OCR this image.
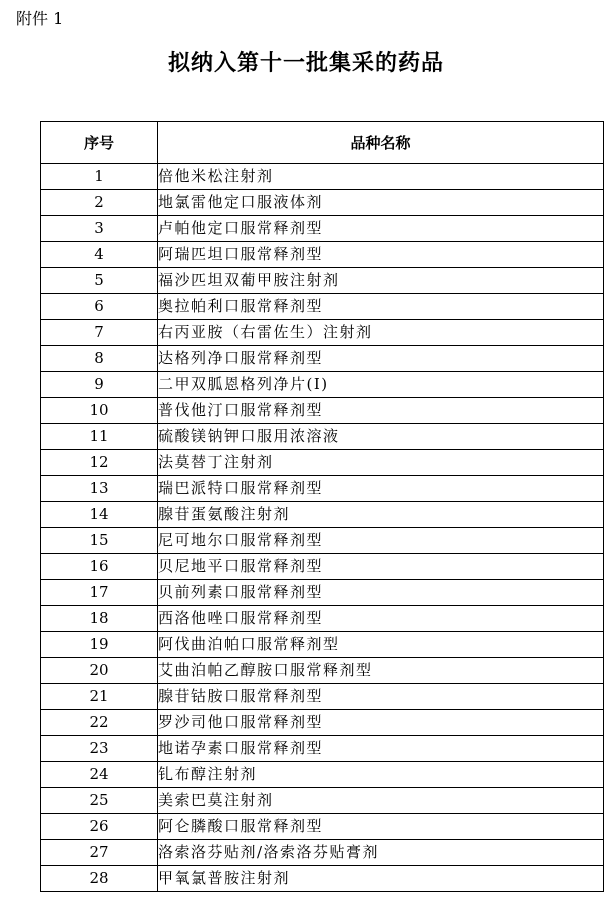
附件 1
拟纳入第十一批集采的药品
序号	品种名称
1	倍他米松注射剂
2	地氯雷他定口服液体剂
3	卢帕他定口服常释剂型
4	阿瑞匹坦口服常释剂型
5	福沙匹坦双葡甲胺注射剂
6	奥拉帕利口服常释剂型
7	右丙亚胺（右雷佐生）注射剂
8	达格列净口服常释剂型
9	二甲双胍恩格列净片(Ⅰ)
10	普伐他汀口服常释剂型
11	硫酸镁钠钾口服用浓溶液
12	法莫替丁注射剂
13	瑞巴派特口服常释剂型
14	腺苷蛋氨酸注射剂
15	尼可地尔口服常释剂型
16	贝尼地平口服常释剂型
17	贝前列素口服常释剂型
18	西洛他唑口服常释剂型
19	阿伐曲泊帕口服常释剂型
20	艾曲泊帕乙醇胺口服常释剂型
21	腺苷钴胺口服常释剂型
22	罗沙司他口服常释剂型
23	地诺孕素口服常释剂型
24	钆布醇注射剂
25	美索巴莫注射剂
26	阿仑膦酸口服常释剂型
27	洛索洛芬贴剂/洛索洛芬贴膏剂
28	甲氧氯普胺注射剂
